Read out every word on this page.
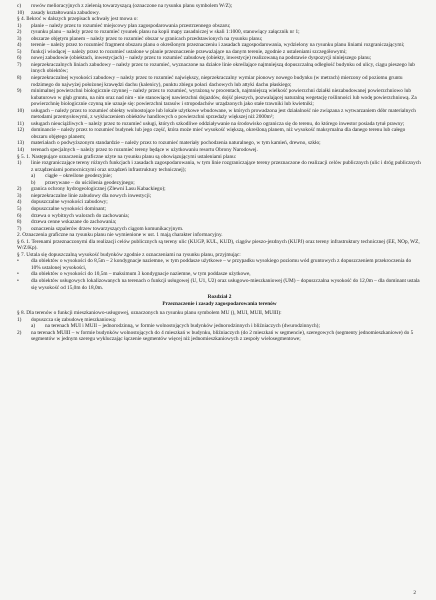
c)	rowów melioracyjnych z zielenią towarzyszącą (oznaczone na rysunku planu symbolem W/Z);
10)	zasady kształtowania zabudowy.
§ 4. Ilekroć w dalszych przepisach uchwały jest mowa o:
1)	planie – należy przez to rozumieć miejscowy plan zagospodarowania przestrzennego obszaru;
2)	rysunku planu – należy przez to rozumieć rysunek planu na kopii mapy zasadniczej w skali 1:1000, stanowiący załącznik nr 1;
3)	obszarze objętym planem – należy przez to rozumieć obszar w granicach przedstawionych na rysunku planu;
4)	terenie – należy przez to rozumieć fragment obszaru planu o określonym przeznaczeniu i zasadach zagospodarowania, wydzielony na rysunku planu liniami rozgraniczającymi;
5)	funkcji wiodącej – należy przez to rozumieć ustalone w planie przeznaczenie przeważające na danym terenie, zgodnie z ustaleniami szczegółowymi;
6)	nowej zabudowie (obiektach, inwestycjach) – należy przez to rozumieć zabudowę (obiekty, inwestycje) realizowaną na podstawie dyspozycji niniejszego planu;
7)	nieprzekraczalnych liniach zabudowy – należy przez to rozumieć, wyznaczone na działce linie określające najmniejszą dopuszczalną odległość budynku od ulicy, ciągu pieszego lub innych obiektów;
8)	nieprzekraczalnej wysokości zabudowy – należy przez to rozumieć największy, nieprzekraczalny wymiar pionowy nowego budynku (w metrach) mierzony od poziomu gruntu rodzimego do najwyżej położonej krawędzi dachu (kalenicy), punktu zbiegu połaci dachowych lub attyki dachu płaskiego;
9)	minimalnej powierzchni biologicznie czynnej – należy przez to rozumieć, wyrażoną w procentach, najmniejszą wielkość powierzchni działki niezabudowanej powierzchniowo lub kubaturowo w głąb gruntu, na nim oraz nad nim - nie stanowiącej nawierzchni dojazdów, dojść pieszych, pozwalającej naturalną wegetację roślinności lub wodę powierzchniową. Za powierzchnię biologicznie czynną nie uznaje się: powierzchni tarasów i stropodachów urządzonych jako stałe trawniki lub kwietniki;
10)	usługach – należy przez to rozumieć obiekty wolnostojące lub lokale użytkowe wbudowane, w których prowadzona jest działalność nie związana z wytwarzaniem dóbr materialnych metodami przemysłowymi, z wykluczeniem obiektów handlowych o powierzchni sprzedaży większej niż 2000m²;
11)	usługach nieuciążliwych – należy przez to rozumieć usługi, których szkodliwe oddziaływanie na środowisko ogranicza się do terenu, do którego inwestor posiada tytuł prawny;
12)	dominancie – należy przez to rozumieć budynek lub jego część, która może mieć wysokość większą, określoną planem, niż wysokość maksymalna dla danego terenu lub całego obszaru objętego planem;
13)	materiałach o podwyższonym standardzie – należy przez to rozumieć materiały pochodzenia naturalnego, w tym kamień, drewno, szkło;
14)	terenach specjalnych – należy przez to rozumieć tereny będące w użytkowaniu resortu Obrony Narodowej.
§ 5. 1. Następujące oznaczenia graficzne użyte na rysunku planu są obowiązującymi ustaleniami planu:
1)	linie rozgraniczające tereny różnych funkcjach i zasadach zagospodarowania, w tym linie rozgraniczające tereny przeznaczone do realizacji celów publicznych (ulic i dróg publicznych z urządzeniami pomocniczymi oraz urządzeń infrastruktury technicznej);
a)	ciągłe – określone geodezyjnie;
b)	przerywane – do uściślenia geodezyjnego;
2)	granica ochrony hydrogeologicznej (Zlewni Lasu Kabackiego);
3)	nieprzekraczalne linie zabudowy dla nowych inwestycji;
4)	dopuszczalne wysokości zabudowy;
5)	dopuszczalne wysokości dominant;
6)	drzewa o wybitnych walorach do zachowania;
8)	drzewa cenne wskazane do zachowania;
7)	oznaczenia szpalerów drzew towarzyszących ciągom komunikacyjnym.
2. Oznaczenia graficzne na rysunku planu nie wymienione w ust. 1 mają charakter informacyjny.
§ 6. 1. Terenami przeznaczonymi dla realizacji celów publicznych są tereny ulic (KUGP, KUL, KUD), ciągów pieszo-jezdnych (KUPJ) oraz tereny infrastruktury technicznej (EE, NOp, WZ, W/Z/Kp).
§ 7. Ustala się dopuszczalną wysokość budynków zgodnie z oznaczeniami na rysunku planu, przyjmując:
•	dla obiektów o wysokości do 8,5m – 2 kondygnacje naziemne, w tym poddasze użytkowe – w przypadku wysokiego poziomu wód gruntowych z dopuszczeniem przekroczenia do 10% ustalonej wysokości,
•	dla obiektów o wysokości do 10,5m – maksimum 3 kondygnacje naziemne, w tym poddasze użytkowe,
•	dla obiektów usługowych lokalizowanych na terenach o funkcji usługowej (U, U1, U2) oraz usługowo-mieszkaniowej (UM) – dopuszczalna wysokość do 12,0m – dla dominant ustala się wysokość od 15,0m do 18,0m.
Rozdział 2
Przeznaczenie i zasady zagospodarowania terenów
§ 8. Dla terenów o funkcji mieszkaniowo-usługowej, oznaczonych na rysunku planu symbolem MU (), MUI, MUII, MUIII):
1)	dopuszcza się zabudowę mieszkaniową:
a)	na terenach MUI i MUII – jednorodzinną, w formie wolnostojących budynków jednorodzinnych i bliźniaczych (dwurodzinnych);
2)	na terenach MUIII – w formie budynków wolnostojących do 4 mieszkań w budynku, bliźniaczych (do 2 mieszkań w segmencie), szeregowych (segmenty jednomieszkaniowe) do 5 segmentów w jednym szeregu wykluczając łączenie segmentów więcej niż jednomieszkaniowych z zespoły wielosegmentowe;
2
